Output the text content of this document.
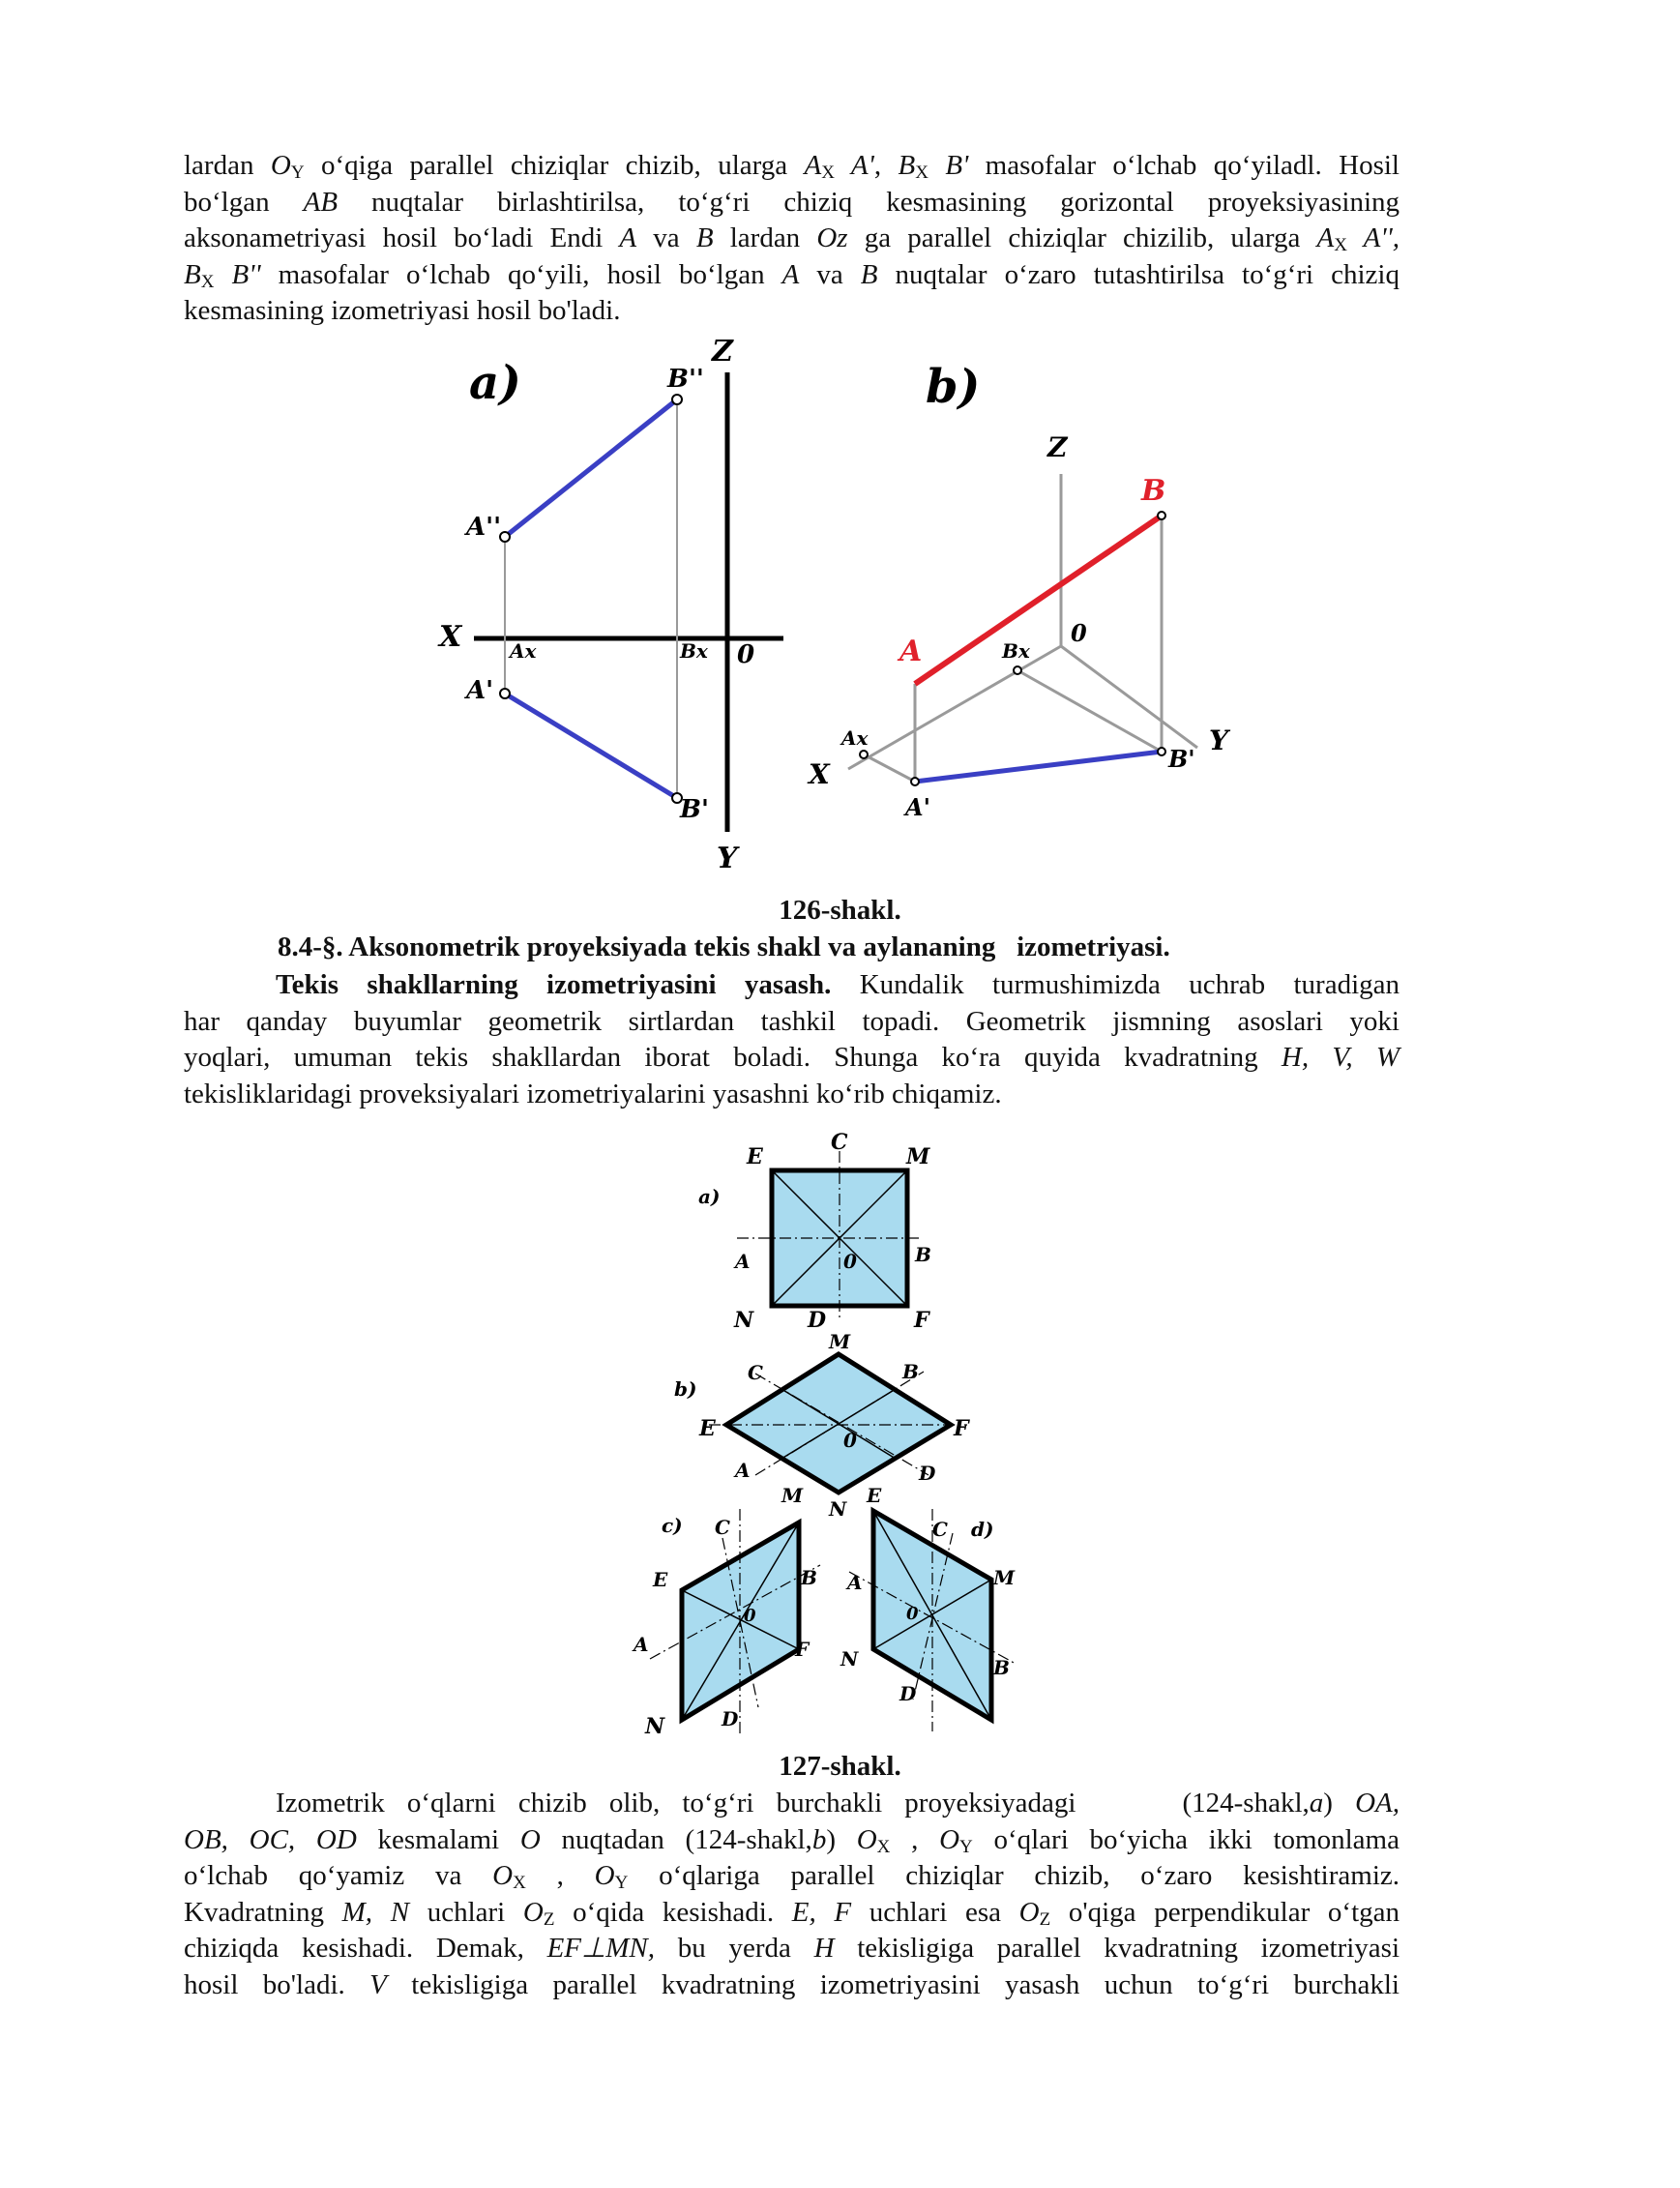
lardan $O_Y$ o‘qiga parallel chiziqlar chizib, ularga $A_X$ A', $B_X$ B' masofalar o‘lchab qo‘yiladl. Hosil
bo‘lgan AB nuqtalar birlashtirilsa, to‘g‘ri chiziq kesmasining gorizontal proyeksiyasining
aksonametriyasi hosil bo‘ladi Endi A va B lardan Oz ga parallel chiziqlar chizilib, ularga $A_X$ A'',
$B_X$ B'' masofalar o‘lchab qo‘yili, hosil bo‘lgan A va B nuqtalar o‘zaro tutashtirilsa to‘g‘ri chiziq
kesmasining izometriyasi hosil bo'ladi.
a)
Z
B''
A''
X Ax	Bx 0
A'
B'
Y
b)
Z
B
A	Bx
0
Ax
X
A'
B'
Y
126-shakl.
8.4-§. Aksonometrik proyeksiyada tekis shakl va aylananing   izometriyasi.
Tekis shakllarning izometriyasini yasash. Kundalik turmushimizda uchrab turadigan
har qanday buyumlar geometrik sirtlardan tashkil topadi. Geometrik jismning asoslari yoki
yoqlari, umuman tekis shakllardan iborat boladi. Shunga ko‘ra quyida kvadratning H, V, W
tekisliklaridagi proveksiyalari izometriyalarini yasashni ko‘rib chiqamiz.
a)
E
C
M
A	0	B
N	D	F
b)
M
C	B
E	0	F
A	D
N
c) C
M
E	B
0
A	F
N	D
E
C d)
A	M
0
N	B
D
127-shakl.
Izometrik o‘qlarni chizib olib, to‘g‘ri burchakli proyeksiyadagi	(124-shakl,a) OA,
OB, OC, OD kesmalami O nuqtadan (124-shakl,b) $O_X$ , $O_Y$ o‘qlari bo‘yicha ikki tomonlama
o‘lchab qo‘yamiz va $O_X$ , $O_Y$ o‘qlariga parallel chiziqlar chizib, o‘zaro kesishtiramiz.
Kvadratning M, N uchlari $O_Z$ o‘qida kesishadi. E, F uchlari esa $O_Z$ o'qiga perpendikular o‘tgan
chiziqda kesishadi. Demak, EF⊥MN, bu yerda H tekisligiga parallel kvadratning izometriyasi
hosil bo'ladi. V tekisligiga parallel kvadratning izometriyasini yasash uchun to‘g‘ri burchakli
